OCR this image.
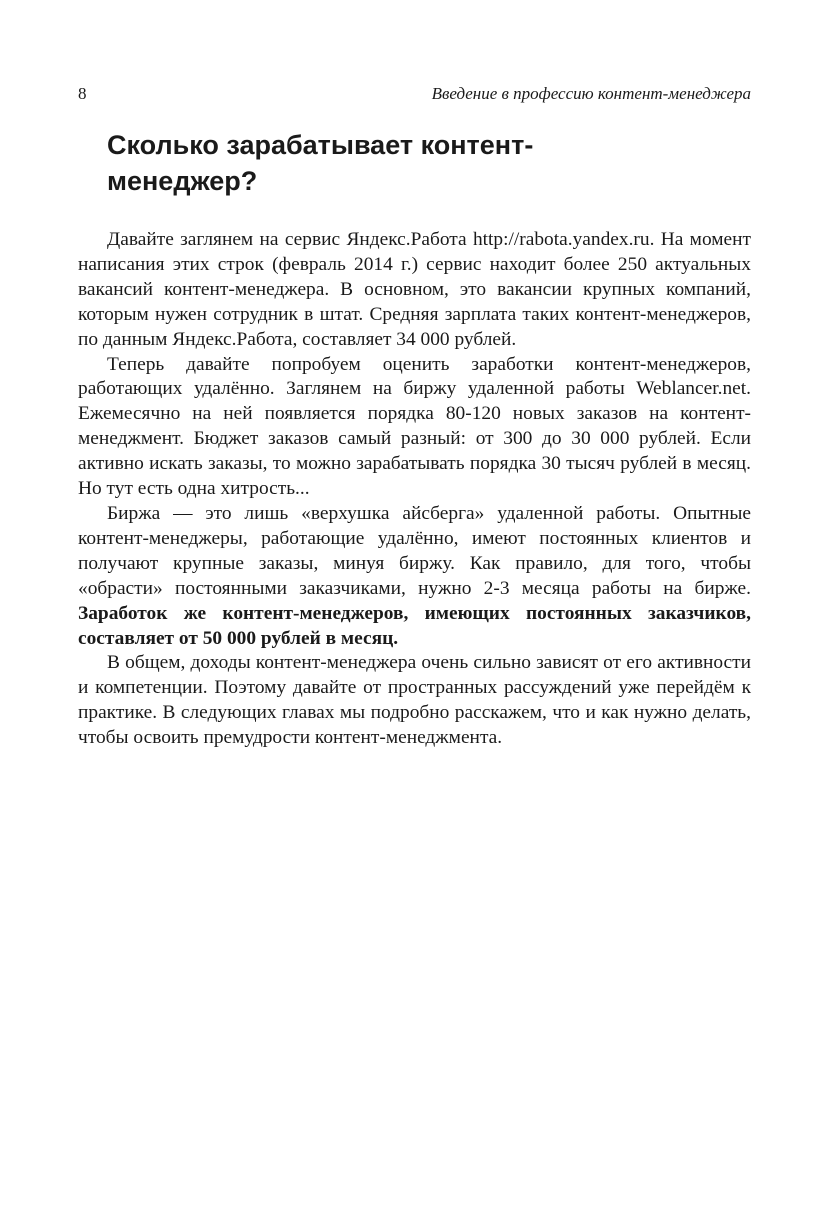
8	Введение в профессию контент-менеджера
Сколько зарабатывает контент-менеджер?

Давайте заглянем на сервис Яндекс.Работа http://rabota.yandex.ru. На момент написания этих строк (февраль 2014 г.) сервис находит более 250 актуальных вакансий контент-менеджера. В основном, это вакансии крупных компаний, которым нужен сотрудник в штат. Средняя зарплата таких контент-менеджеров, по данным Яндекс.Работа, составляет 34 000 рублей.

Теперь давайте попробуем оценить заработки контент-менеджеров, работающих удалённо. Заглянем на биржу удаленной работы Weblancer.net. Ежемесячно на ней появляется порядка 80-120 новых заказов на контент-менеджмент. Бюджет заказов самый разный: от 300 до 30 000 рублей. Если активно искать заказы, то можно зарабатывать порядка 30 тысяч рублей в месяц. Но тут есть одна хитрость...

Биржа — это лишь «верхушка айсберга» удаленной работы. Опытные контент-менеджеры, работающие удалённо, имеют постоянных клиентов и получают крупные заказы, минуя биржу. Как правило, для того, чтобы «обрасти» постоянными заказчиками, нужно 2-3 месяца работы на бирже. Заработок же контент-менеджеров, имеющих постоянных заказчиков, составляет от 50 000 рублей в месяц.

В общем, доходы контент-менеджера очень сильно зависят от его активности и компетенции. Поэтому давайте от пространных рассуждений уже перейдём к практике. В следующих главах мы подробно расскажем, что и как нужно делать, чтобы освоить премудрости контент-менеджмента.
